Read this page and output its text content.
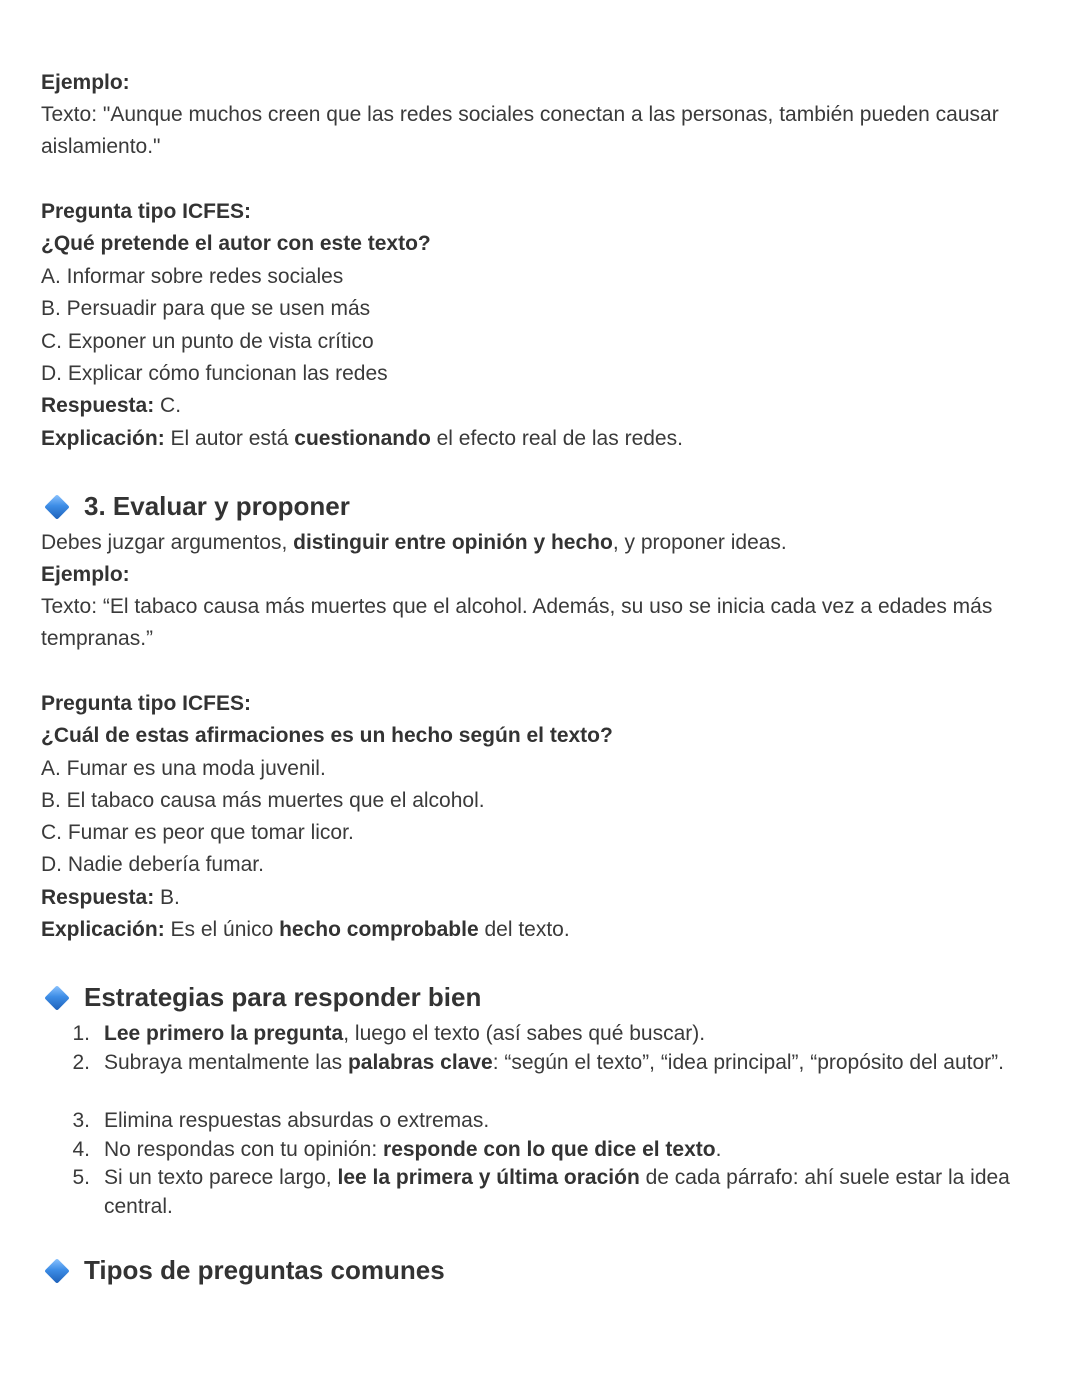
Ejemplo:
Texto: "Aunque muchos creen que las redes sociales conectan a las personas, también pueden causar aislamiento."
Pregunta tipo ICFES:
¿Qué pretende el autor con este texto?
A. Informar sobre redes sociales
B. Persuadir para que se usen más
C. Exponer un punto de vista crítico
D. Explicar cómo funcionan las redes
Respuesta: C.
Explicación: El autor está cuestionando el efecto real de las redes.
3. Evaluar y proponer
Debes juzgar argumentos, distinguir entre opinión y hecho, y proponer ideas.
Ejemplo:
Texto: “El tabaco causa más muertes que el alcohol. Además, su uso se inicia cada vez a edades más tempranas.”
Pregunta tipo ICFES:
¿Cuál de estas afirmaciones es un hecho según el texto?
A. Fumar es una moda juvenil.
B. El tabaco causa más muertes que el alcohol.
C. Fumar es peor que tomar licor.
D. Nadie debería fumar.
Respuesta: B.
Explicación: Es el único hecho comprobable del texto.
Estrategias para responder bien
1. Lee primero la pregunta, luego el texto (así sabes qué buscar).
2. Subraya mentalmente las palabras clave: “según el texto”, “idea principal”, “propósito del autor”.
3. Elimina respuestas absurdas o extremas.
4. No respondas con tu opinión: responde con lo que dice el texto.
5. Si un texto parece largo, lee la primera y última oración de cada párrafo: ahí suele estar la idea central.
Tipos de preguntas comunes
